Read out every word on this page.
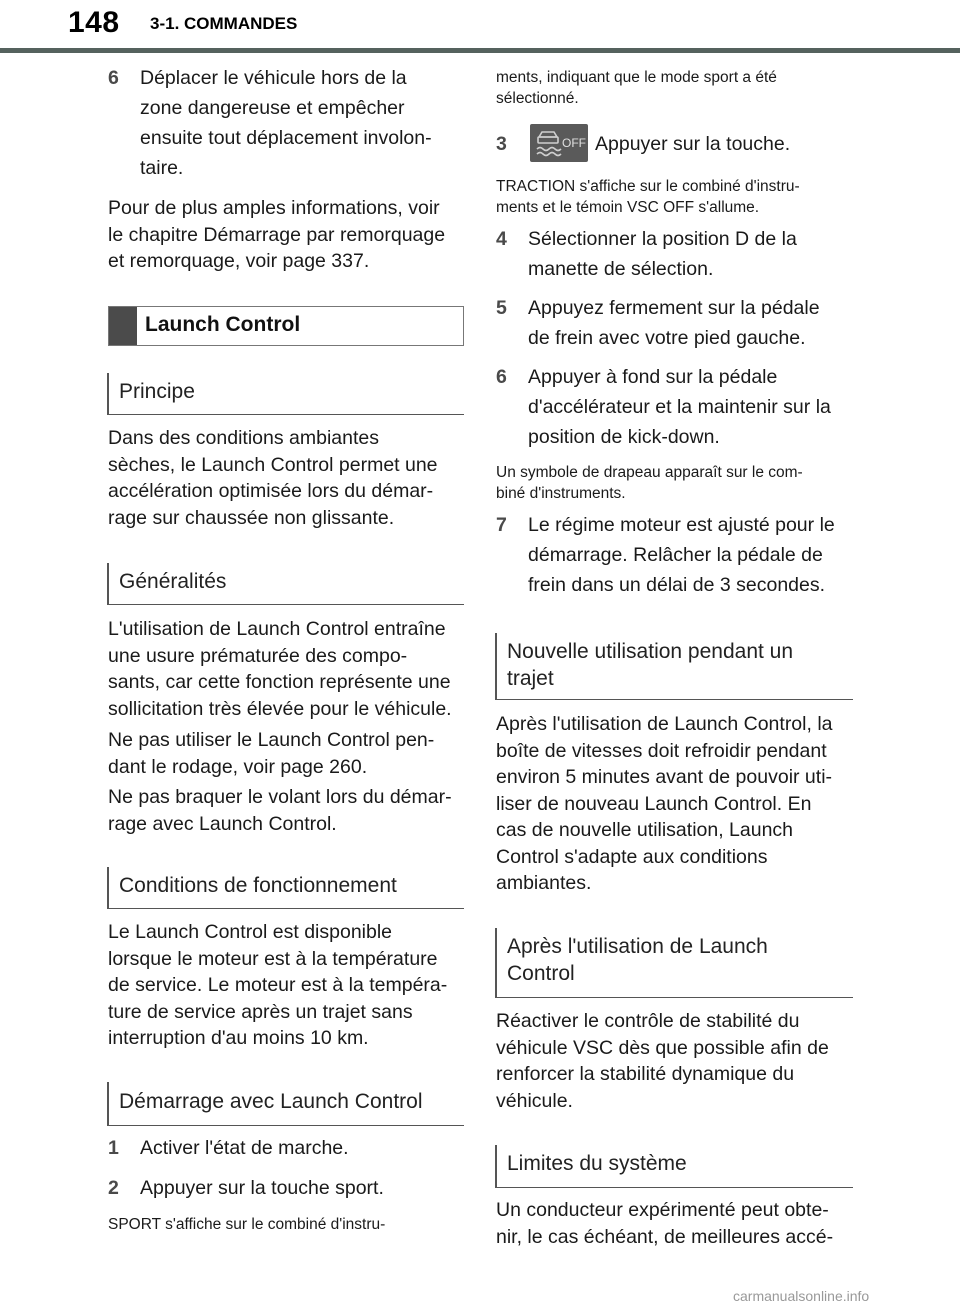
148 3-1. COMMANDES
6 Déplacer le véhicule hors de la
zone dangereuse et empêcher
ensuite tout déplacement involon-
taire.
Pour de plus amples informations, voir
le chapitre Démarrage par remorquage
et remorquage, voir page 337.
Launch Control
Principe
Dans des conditions ambiantes
sèches, le Launch Control permet une
accélération optimisée lors du démar-
rage sur chaussée non glissante.
Généralités
L'utilisation de Launch Control entraîne
une usure prématurée des compo-
sants, car cette fonction représente une
sollicitation très élevée pour le véhicule.
Ne pas utiliser le Launch Control pen-
dant le rodage, voir page 260.
Ne pas braquer le volant lors du démar-
rage avec Launch Control.
Conditions de fonctionnement
Le Launch Control est disponible
lorsque le moteur est à la température
de service. Le moteur est à la tempéra-
ture de service après un trajet sans
interruption d'au moins 10 km.
Démarrage avec Launch Control
1 Activer l'état de marche.
2 Appuyer sur la touche sport.
SPORT s'affiche sur le combiné d'instru-
ments, indiquant que le mode sport a été
sélectionné.
3	OFF Appuyer sur la touche.
TRACTION s'affiche sur le combiné d'instru-
ments et le témoin VSC OFF s'allume.
4 Sélectionner la position D de la
manette de sélection.
5 Appuyez fermement sur la pédale
de frein avec votre pied gauche.
6 Appuyer à fond sur la pédale
d'accélérateur et la maintenir sur la
position de kick-down.
Un symbole de drapeau apparaît sur le com-
biné d'instruments.
7 Le régime moteur est ajusté pour le
démarrage. Relâcher la pédale de
frein dans un délai de 3 secondes.
Nouvelle utilisation pendant un
trajet
Après l'utilisation de Launch Control, la
boîte de vitesses doit refroidir pendant
environ 5 minutes avant de pouvoir uti-
liser de nouveau Launch Control. En
cas de nouvelle utilisation, Launch
Control s'adapte aux conditions
ambiantes.
Après l'utilisation de Launch
Control
Réactiver le contrôle de stabilité du
véhicule VSC dès que possible afin de
renforcer la stabilité dynamique du
véhicule.
Limites du système
Un conducteur expérimenté peut obte-
nir, le cas échéant, de meilleures accé-
carmanualsonline.info
